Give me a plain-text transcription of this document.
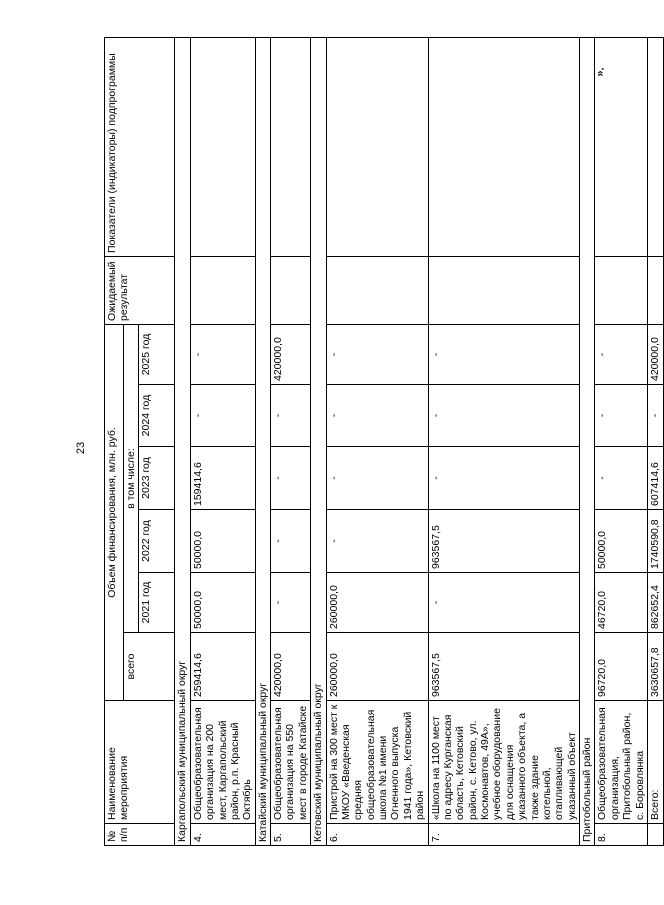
23
».
№ п/п	Наименование мероприятия	Объем финансирования, млн. руб.						Ожидаемый результат	Показатели (индикаторы) подпрограммы
		всего	в том числе:						
			2021 год	2022 год	2023 год	2024 год	2025 год		
Каргапольский муниципальный округ									
4.	Общеобразовательная организация на 200 мест, Каргапольский район, р.п. Красный Октябрь	259414,6	50000,0	50000,0	159414,6	-	-		
Катайский муниципальный округ									
5.	Общеобразовательная организация на 550 мест в городе Катайске	420000,0	-	-	-	-	420000,0		
Кетовский муниципальный округ									
6.	Пристрой на 300 мест к МКОУ «Введенская средняя общеобразовательная школа №1 имени Огненного выпуска 1941 года», Кетовский район	260000,0	260000,0	-	-	-	-		
7.	«Школа на 1100 мест по адресу Курганская область, Кетовский район, с. Кетово, ул. Космонавтов, 49А», учебное оборудование для оснащения указанного объекта, а также здание котельной, отапливающей указанный объект	963567,5	-	963567,5	-	-	-		
Притобольный район									
8.	Общеобразовательная организация, Притобольный район, с. Боровлянка	96720,0	46720,0	50000,0	-	-	-		
	Всего:	3630657,8	862652,4	1740590,8	607414,6	-	420000,0		
